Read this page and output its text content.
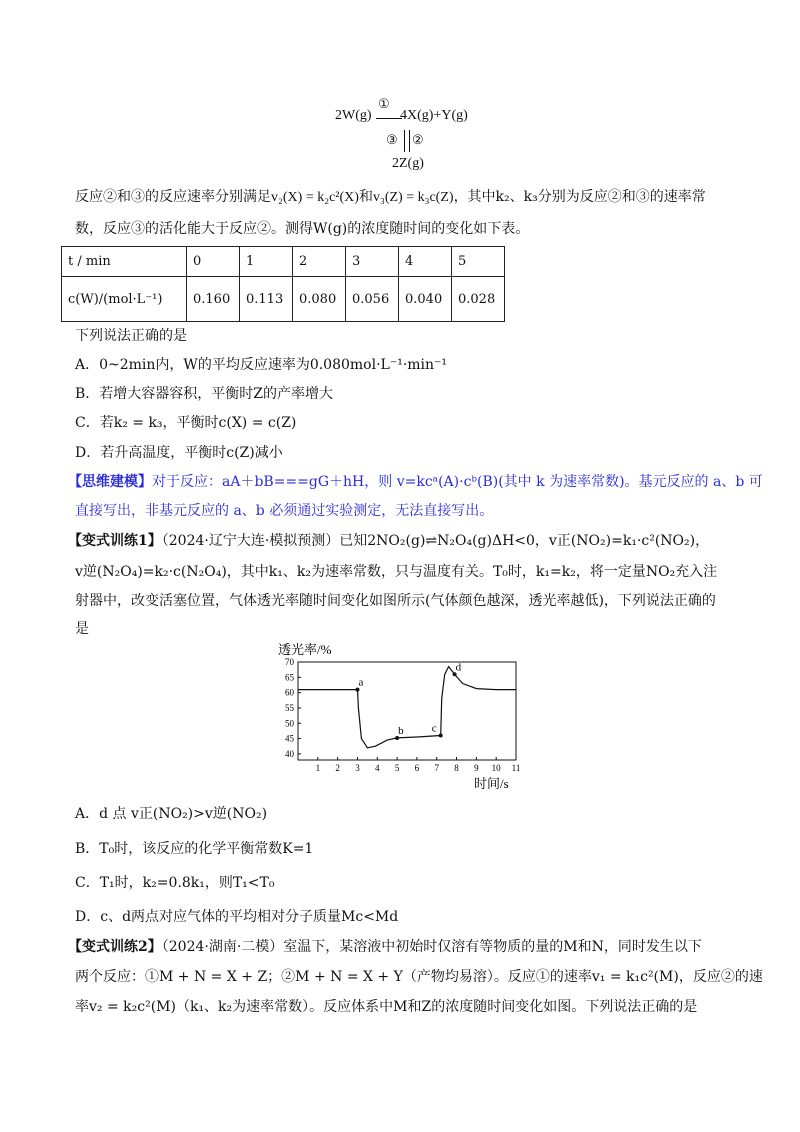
2W(g)
①
4X(g)+Y(g)
③ ②
2Z(g)
反应②和③的反应速率分别满足v₂(X) = k₂c²(X)和v₃(Z) = k₃c(Z)，其中k₂、k₃分别为反应②和③的速率常
数，反应③的活化能大于反应②。测得W(g)的浓度随时间的变化如下表。
t / min	0	1	2	3	4	5
c(W)/(mol·L⁻¹)	0.160	0.113	0.080	0.056	0.040	0.028
下列说法正确的是
A．0~2min内，W的平均反应速率为0.080mol·L⁻¹·min⁻¹
B．若增大容器容积，平衡时Z的产率增大
C．若k₂ = k₃，平衡时c(X) = c(Z)
D．若升高温度，平衡时c(Z)减小
【思维建模】对于反应：aA＋bB===gG＋hH，则 v=kcᵃ(A)·cᵇ(B)(其中 k 为速率常数)。基元反应的 a、b 可
直接写出，非基元反应的 a、b 必须通过实验测定，无法直接写出。
【变式训练1】（2024·辽宁大连·模拟预测）已知2NO₂(g)⇌N₂O₄(g)ΔH<0，v正(NO₂)=k₁·c²(NO₂)，
v逆(N₂O₄)=k₂·c(N₂O₄)，其中k₁、k₂为速率常数，只与温度有关。T₀时，k₁=k₂，将一定量NO₂充入注
射器中，改变活塞位置，气体透光率随时间变化如图所示(气体颜色越深，透光率越低)，下列说法正确的
是
透光率/%
时间/s
40
45
50
55
60
65
70
1 2 3 4 5 6 7 8 9 10 11
a
b	c
d
A．d 点 v正(NO₂)>v逆(NO₂)
B．T₀时，该反应的化学平衡常数K=1
C．T₁时，k₂=0.8k₁，则T₁<T₀
D．c、d两点对应气体的平均相对分子质量Mc<Md
【变式训练2】（2024·湖南·二模）室温下，某溶液中初始时仅溶有等物质的量的M和N，同时发生以下
两个反应：①M + N = X + Z；②M + N = X + Y（产物均易溶）。反应①的速率v₁ = k₁c²(M)，反应②的速
率v₂ = k₂c²(M)（k₁、k₂为速率常数）。反应体系中M和Z的浓度随时间变化如图。下列说法正确的是
